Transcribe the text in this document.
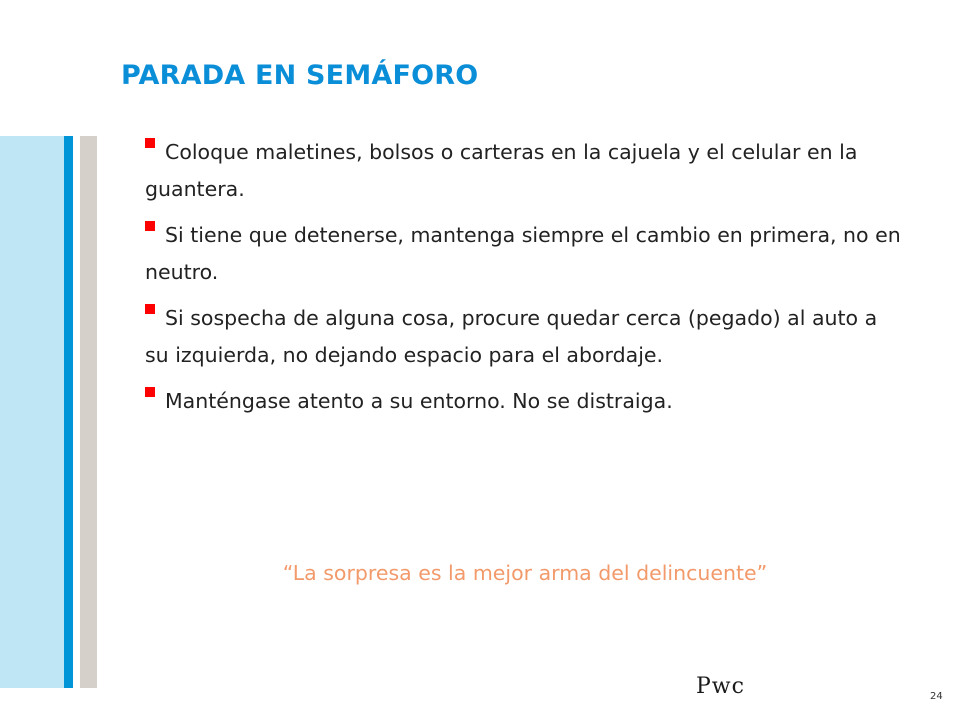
PARADA EN SEMÁFORO
Coloque maletines, bolsos o carteras en la cajuela y el celular en la guantera.
Si tiene que detenerse, mantenga siempre el cambio en primera, no en neutro.
Si sospecha de alguna cosa, procure quedar cerca (pegado) al auto a su izquierda, no dejando espacio para el abordaje.
Manténgase atento a su entorno. No se distraiga.

“La sorpresa es la mejor arma del delincuente”

Pwc	24
